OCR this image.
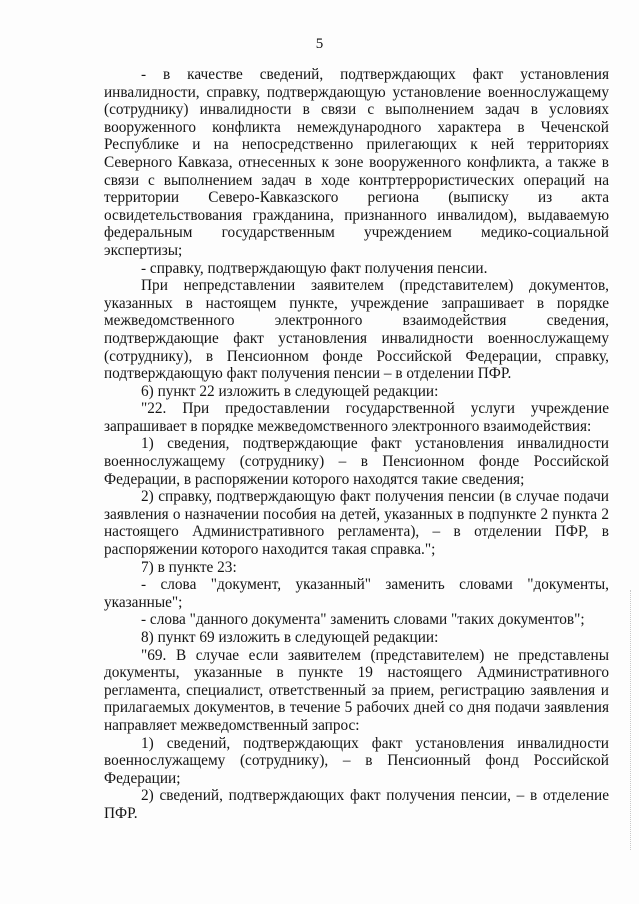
5

- в качестве сведений, подтверждающих факт установления инвалидности, справку, подтверждающую установление военнослужащему (сотруднику) инвалидности в связи с выполнением задач в условиях вооруженного конфликта немеждународного характера в Чеченской Республике и на непосредственно прилегающих к ней территориях Северного Кавказа, отнесенных к зоне вооруженного конфликта, а также в связи с выполнением задач в ходе контртеррористических операций на территории Северо-Кавказского региона (выписку из акта освидетельствования гражданина, признанного инвалидом), выдаваемую федеральным государственным учреждением медико-социальной экспертизы;

- справку, подтверждающую факт получения пенсии.

При непредставлении заявителем (представителем) документов, указанных в настоящем пункте, учреждение запрашивает в порядке межведомственного электронного взаимодействия сведения, подтверждающие факт установления инвалидности военнослужащему (сотруднику), в Пенсионном фонде Российской Федерации, справку, подтверждающую факт получения пенсии – в отделении ПФР.

6) пункт 22 изложить в следующей редакции:

"22. При предоставлении государственной услуги учреждение запрашивает в порядке межведомственного электронного взаимодействия:

1) сведения, подтверждающие факт установления инвалидности военнослужащему (сотруднику) – в Пенсионном фонде Российской Федерации, в распоряжении которого находятся такие сведения;

2) справку, подтверждающую факт получения пенсии (в случае подачи заявления о назначении пособия на детей, указанных в подпункте 2 пункта 2 настоящего Административного регламента), – в отделении ПФР, в распоряжении которого находится такая справка.";

7) в пункте 23:

- слова "документ, указанный" заменить словами "документы, указанные";

- слова "данного документа" заменить словами "таких документов";

8) пункт 69 изложить в следующей редакции:

"69. В случае если заявителем (представителем) не представлены документы, указанные в пункте 19 настоящего Административного регламента, специалист, ответственный за прием, регистрацию заявления и прилагаемых документов, в течение 5 рабочих дней со дня подачи заявления направляет межведомственный запрос:

1) сведений, подтверждающих факт установления инвалидности военнослужащему (сотруднику), – в Пенсионный фонд Российской Федерации;

2) сведений, подтверждающих факт получения пенсии, – в отделение ПФР.
